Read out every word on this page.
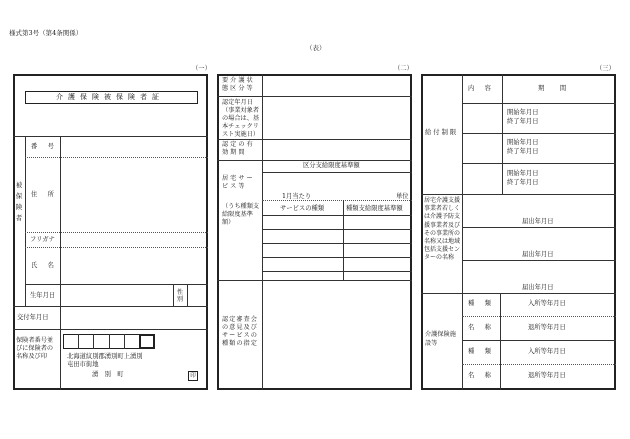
様式第3号（第4条関係）
（表）
（一）
介護保険被保険者証
被保険者
番　号
住　所
フリガナ
氏　名
生年月日	性別
交付年月日
保険者番号並びに保険者の名称及び印	北海道紋別郡湧別町上湧別
屯田市街地
湧　別　町	印
（二）
要介護状態区分等
認定年月日（事業対象者の場合は、基本チェックリスト実施日）
認定の有効期間
居宅サービス等
（うち種類支給限度基準額）
区分支給限度基準額
1月当たり	単位
サービスの種類	種類支給限度基準額
認定審査会の意見及びサービスの種類の指定
（三）
内　容	期　　間
給付制限
開始年月日
終了年月日
開始年月日
終了年月日
開始年月日
終了年月日
居宅介護支援事業者若しくは介護予防支援事業者及びその事業所の名称又は地域包括支援センターの名称
届出年月日
届出年月日
届出年月日
介護保険施設等
種　類	入所等年月日
名　称	退所等年月日
種　類	入所等年月日
名　称	退所等年月日
